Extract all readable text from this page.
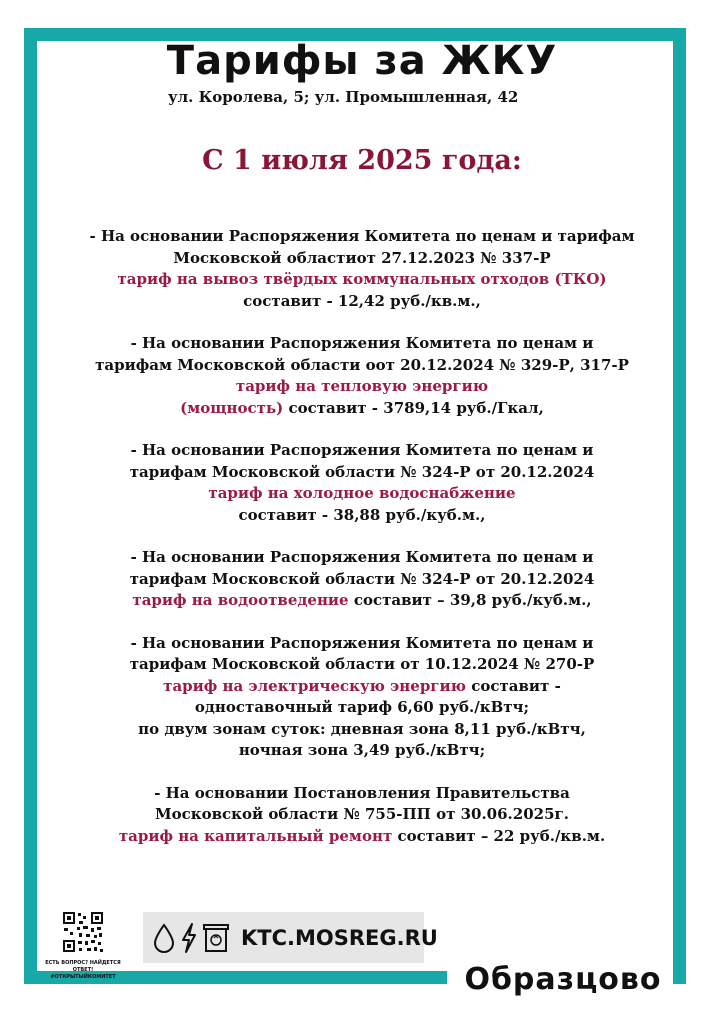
Тарифы за ЖКУ
ул. Королева, 5; ул. Промышленная, 42
С 1 июля 2025 года:
- На основании Распоряжения Комитета по ценам и тарифам
Московской областиот 27.12.2023 № 337-Р
тариф на вывоз твёрдых коммунальных отходов (ТКО)
составит - 12,42 руб./кв.м.,
- На основании Распоряжения Комитета по ценам и
тарифам Московской области оот 20.12.2024 № 329-Р, 317-Р
тариф на тепловую энергию
(мощность) составит - 3789,14 руб./Гкал,
- На основании Распоряжения Комитета по ценам и
тарифам Московской области № 324-Р от 20.12.2024
тариф на холодное водоснабжение
составит - 38,88 руб./куб.м.,
- На основании Распоряжения Комитета по ценам и
тарифам Московской области № 324-Р от 20.12.2024
тариф на водоотведение составит – 39,8 руб./куб.м.,
- На основании Распоряжения Комитета по ценам и
тарифам Московской области от 10.12.2024 № 270-Р
тариф на электрическую энергию составит -
одноставочный тариф 6,60 руб./кВтч;
по двум зонам суток: дневная зона 8,11 руб./кВтч,
ночная зона 3,49 руб./кВтч;
- На основании Постановления Правительства
Московской области № 755-ПП от 30.06.2025г.
тариф на капитальный ремонт составит – 22 руб./кв.м.
ЕСТЬ ВОПРОС? НАЙДЕТСЯ ОТВЕТ!
#ОТКРЫТЫЙКОМИТЕТ
KTC.MOSREG.RU
Образцово
